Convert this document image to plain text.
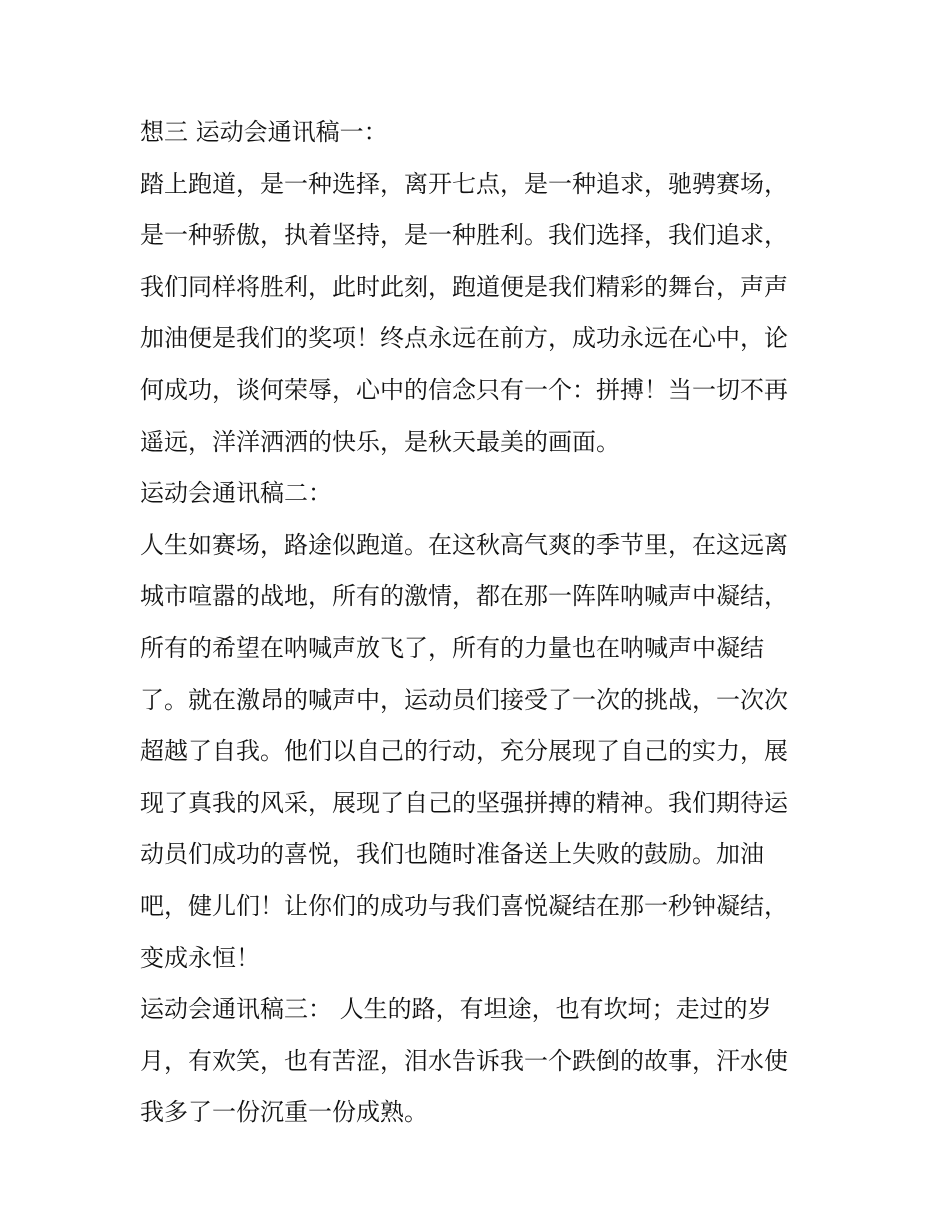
想三 运动会通讯稿一：
踏上跑道，是一种选择，离开七点，是一种追求，驰骋赛场，
是一种骄傲，执着坚持，是一种胜利。我们选择，我们追求，
我们同样将胜利，此时此刻，跑道便是我们精彩的舞台，声声
加油便是我们的奖项！终点永远在前方，成功永远在心中，论
何成功，谈何荣辱，心中的信念只有一个：拼搏！当一切不再
遥远，洋洋洒洒的快乐，是秋天最美的画面。
运动会通讯稿二：
人生如赛场，路途似跑道。在这秋高气爽的季节里，在这远离
城市喧嚣的战地，所有的激情，都在那一阵阵呐喊声中凝结，
所有的希望在呐喊声放飞了，所有的力量也在呐喊声中凝结
了。就在激昂的喊声中，运动员们接受了一次的挑战，一次次
超越了自我。他们以自己的行动，充分展现了自己的实力，展
现了真我的风采，展现了自己的坚强拼搏的精神。我们期待运
动员们成功的喜悦，我们也随时准备送上失败的鼓励。加油
吧，健儿们！让你们的成功与我们喜悦凝结在那一秒钟凝结，
变成永恒！
运动会通讯稿三： 人生的路，有坦途，也有坎坷；走过的岁
月，有欢笑，也有苦涩，泪水告诉我一个跌倒的故事，汗水使
我多了一份沉重一份成熟。
